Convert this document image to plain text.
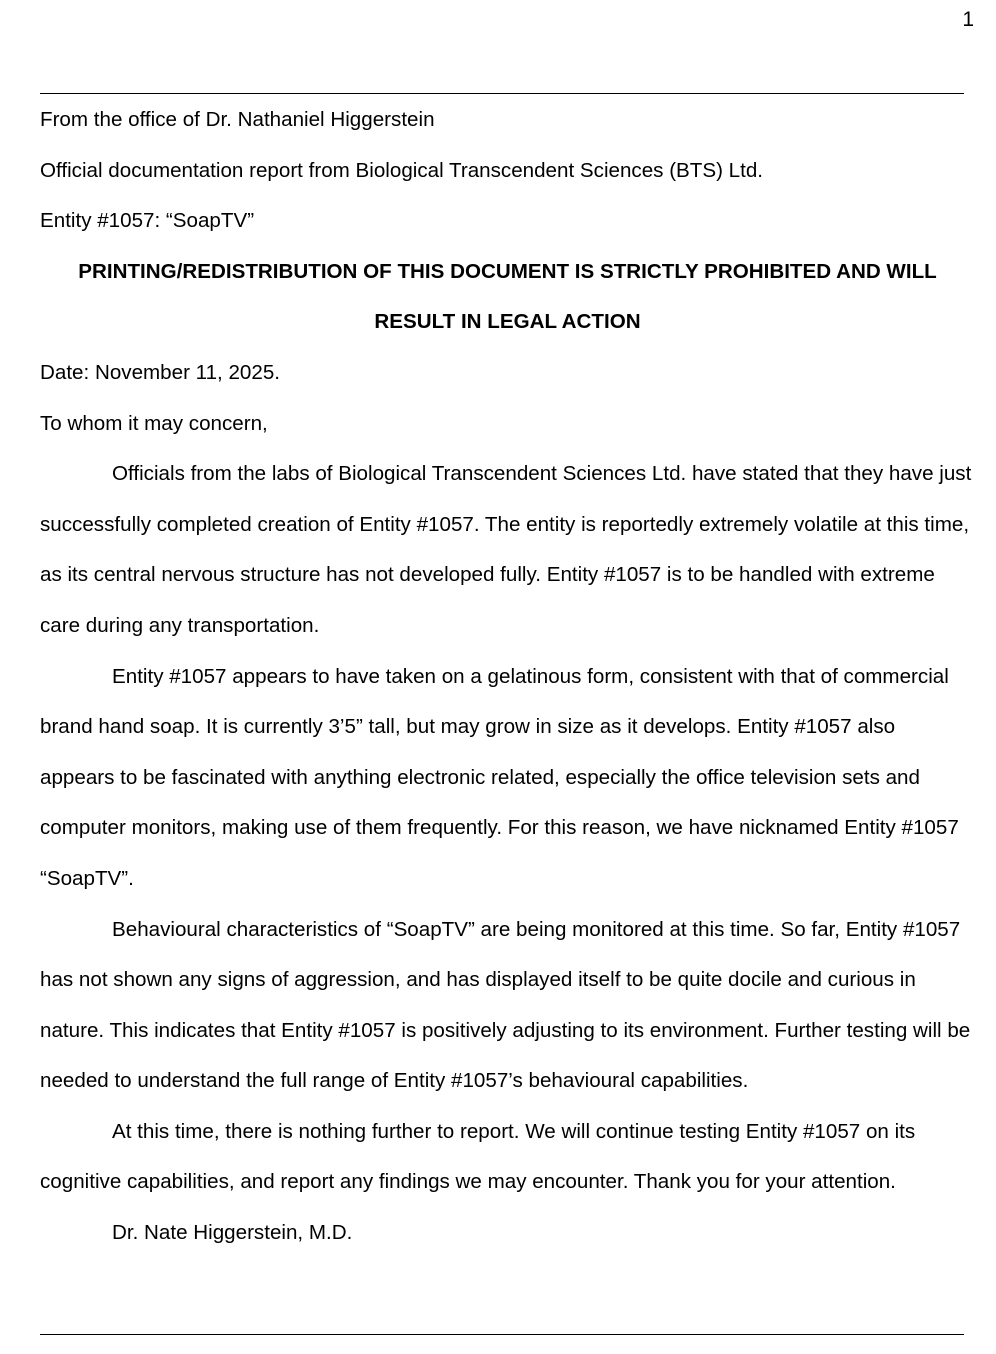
1

From the office of Dr. Nathaniel Higgerstein

Official documentation report from Biological Transcendent Sciences (BTS) Ltd.

Entity #1057: “SoapTV”

PRINTING/REDISTRIBUTION OF THIS DOCUMENT IS STRICTLY PROHIBITED AND WILL
RESULT IN LEGAL ACTION

Date: November 11, 2025.

To whom it may concern,

Officials from the labs of Biological Transcendent Sciences Ltd. have stated that they have just successfully completed creation of Entity #1057. The entity is reportedly extremely volatile at this time, as its central nervous structure has not developed fully. Entity #1057 is to be handled with extreme care during any transportation.

Entity #1057 appears to have taken on a gelatinous form, consistent with that of commercial brand hand soap. It is currently 3’5” tall, but may grow in size as it develops. Entity #1057 also appears to be fascinated with anything electronic related, especially the office television sets and computer monitors, making use of them frequently. For this reason, we have nicknamed Entity #1057 “SoapTV”.

Behavioural characteristics of “SoapTV” are being monitored at this time. So far, Entity #1057 has not shown any signs of aggression, and has displayed itself to be quite docile and curious in nature. This indicates that Entity #1057 is positively adjusting to its environment. Further testing will be needed to understand the full range of Entity #1057’s behavioural capabilities.

At this time, there is nothing further to report. We will continue testing Entity #1057 on its cognitive capabilities, and report any findings we may encounter. Thank you for your attention.

Dr. Nate Higgerstein, M.D.
